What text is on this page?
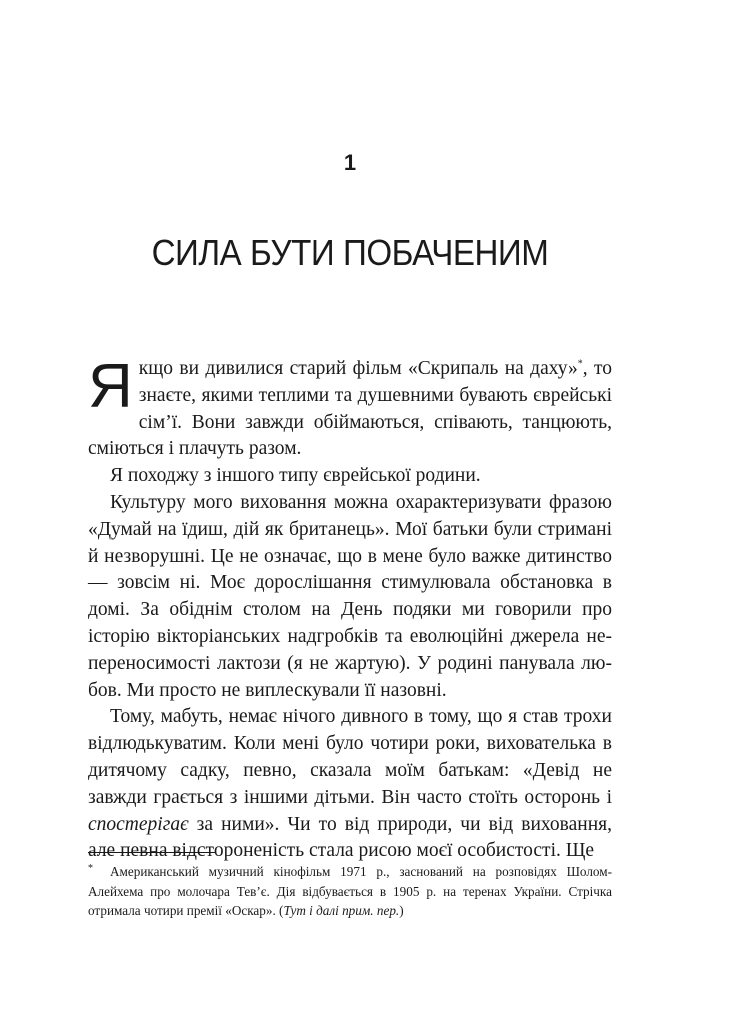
1
СИЛА БУТИ ПОБАЧЕНИМ

Якщо ви дивилися старий фільм «Скрипаль на даху»*, то знаєте, якими теплими та душевними бувають єврейські сім’ї. Вони завжди обіймаються, співають, танцюють, сміються і плачуть разом.

Я походжу з іншого типу єврейської родини.

Культуру мого виховання можна охарактеризувати фразою «Думай на їдиш, дій як британець». Мої батьки були стримані й незворушні. Це не означає, що в мене було важке дитинство — зовсім ні. Моє дорослішання стимулювала обстановка в домі. За обіднім столом на День подяки ми говорили про історію вікторіанських надгробків та еволюційні джерела непереносимості лактози (я не жартую). У родині панувала любов. Ми просто не виплескували її назовні.

Тому, мабуть, немає нічого дивного в тому, що я став трохи відлюдькуватим. Коли мені було чотири роки, вихователька в дитячому садку, певно, сказала моїм батькам: «Девід не завжди грається з іншими дітьми. Він часто стоїть осторонь і спостерігає за ними». Чи то від природи, чи від виховання, але певна відстороненість стала рисою моєї особистості. Ще

*	Американський музичний кінофільм 1971 р., заснований на розповідях Шолом-Алейхема про молочара Тев’є. Дія відбувається в 1905 р. на теренах України. Стрічка отримала чотири премії «Оскар». (Тут і далі прим. пер.)
